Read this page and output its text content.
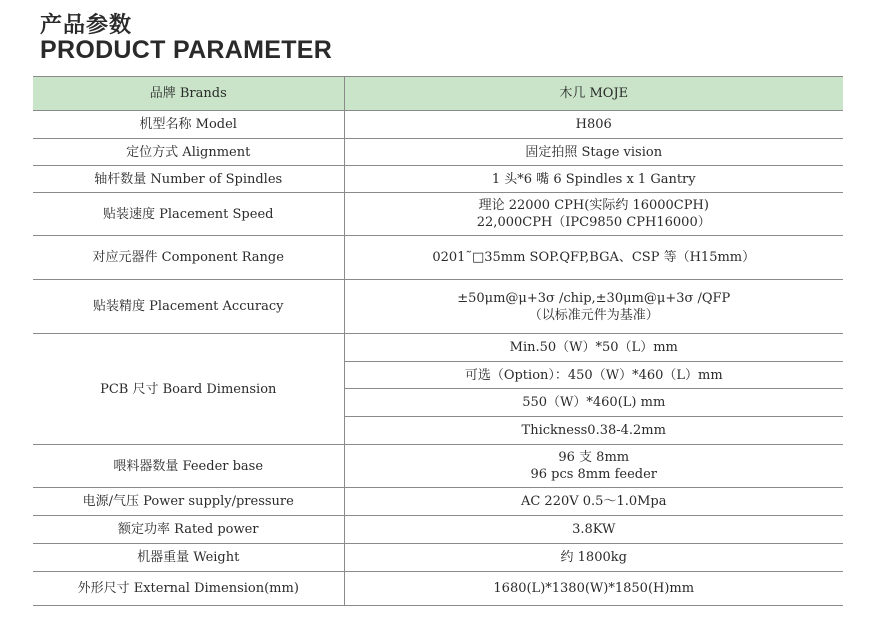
产品参数
PRODUCT PARAMETER
品牌 Brands	木几 MOJE
机型名称 Model	H806
定位方式 Alignment	固定拍照 Stage vision
轴杆数量 Number of Spindles	1 头*6 嘴 6 Spindles x 1 Gantry
贴装速度 Placement Speed	理论 22000 CPH(实际约 16000CPH)
22,000CPH（IPC9850 CPH16000）

对应元器件 Component Range	0201˜□35mm SOP.QFP,BGA、CSP 等（H15mm）
贴装精度 Placement Accuracy	±50μm@μ+3σ /chip,±30μm@μ+3σ /QFP
（以标准元件为基准）

PCB 尺寸 Board Dimension	Min.50（W）*50（L）mm
	可选（Option）：450（W）*460（L）mm
	550（W）*460(L) mm
	Thickness0.38-4.2mm
喂料器数量 Feeder base	96 支 8mm
96 pcs 8mm feeder

电源/气压 Power supply/pressure	AC 220V 0.5～1.0Mpa
额定功率 Rated power	3.8KW
机器重量 Weight	约 1800kg
外形尺寸 External Dimension(mm)	1680(L)*1380(W)*1850(H)mm
